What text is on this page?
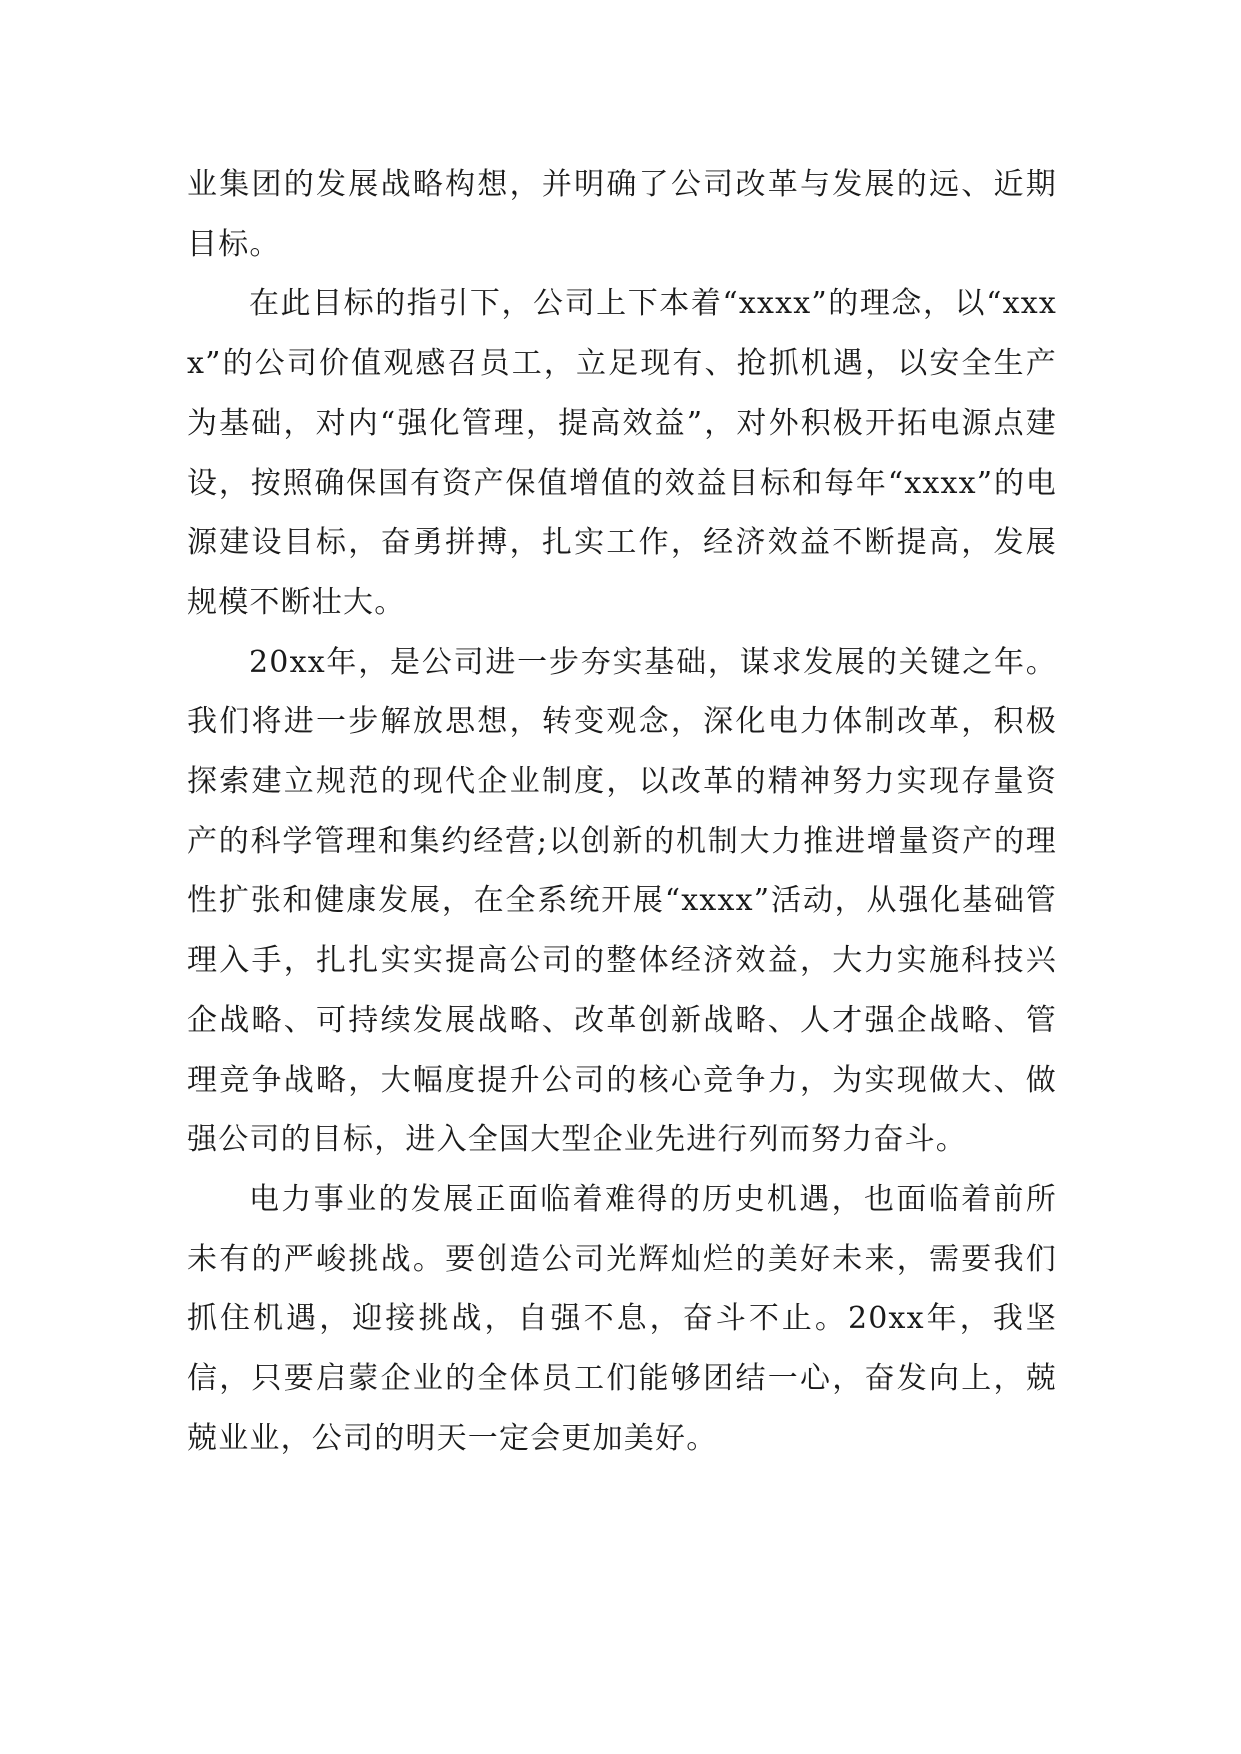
业集团的发展战略构想，并明确了公司改革与发展的远、近期目标。

在此目标的指引下，公司上下本着“xxxx”的理念，以“xxxx”的公司价值观感召员工，立足现有、抢抓机遇，以安全生产为基础，对内“强化管理，提高效益”，对外积极开拓电源点建设，按照确保国有资产保值增值的效益目标和每年“xxxx”的电源建设目标，奋勇拼搏，扎实工作，经济效益不断提高，发展规模不断壮大。

20xx年，是公司进一步夯实基础，谋求发展的关键之年。我们将进一步解放思想，转变观念，深化电力体制改革，积极探索建立规范的现代企业制度，以改革的精神努力实现存量资产的科学管理和集约经营;以创新的机制大力推进增量资产的理性扩张和健康发展，在全系统开展“xxxx”活动，从强化基础管理入手，扎扎实实提高公司的整体经济效益，大力实施科技兴企战略、可持续发展战略、改革创新战略、人才强企战略、管理竞争战略，大幅度提升公司的核心竞争力，为实现做大、做强公司的目标，进入全国大型企业先进行列而努力奋斗。

电力事业的发展正面临着难得的历史机遇，也面临着前所未有的严峻挑战。要创造公司光辉灿烂的美好未来，需要我们抓住机遇，迎接挑战，自强不息，奋斗不止。20xx年，我坚信，只要启蒙企业的全体员工们能够团结一心，奋发向上，兢兢业业，公司的明天一定会更加美好。
